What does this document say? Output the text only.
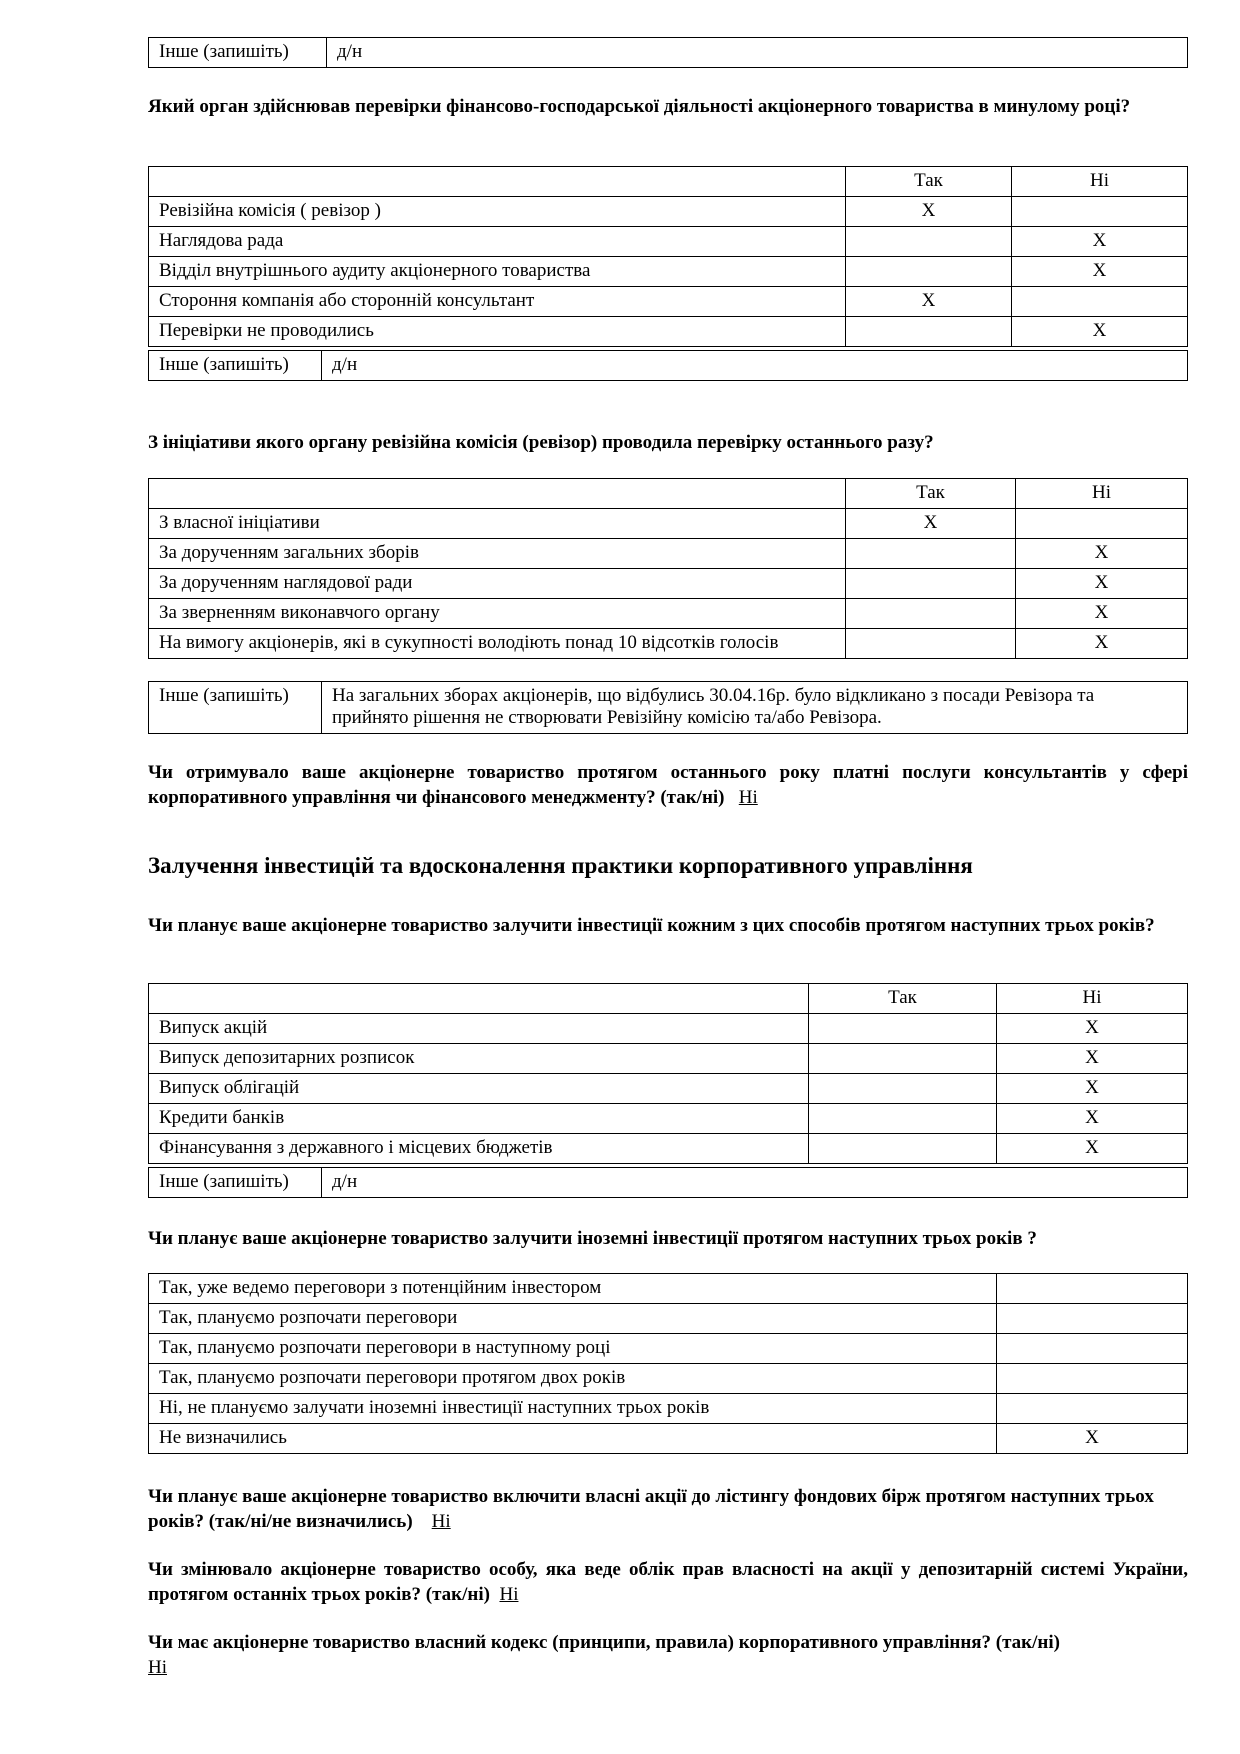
Інше (запишіть)	д/н
Який орган здійснював перевірки фінансово-господарської діяльності акціонерного товариства в минулому році?
	Так	Ні
Ревізійна комісія ( ревізор )	X	
Наглядова рада		X
Відділ внутрішнього аудиту акціонерного товариства		X
Стороння компанія або сторонній консультант	X	
Перевірки не проводились		X
Інше (запишіть)	д/н
З ініціативи якого органу ревізійна комісія (ревізор) проводила перевірку останнього разу?
	Так	Ні
З власної ініціативи	X	
За дорученням загальних зборів		X
За дорученням наглядової ради		X
За зверненням виконавчого органу		X
На вимогу акціонерів, які в сукупності володіють понад 10 відсотків голосів		X
Інше (запишіть)	На загальних зборах акціонерів, що відбулись 30.04.16р. було відкликано з посади Ревізора та прийнято рішення не створювати Ревізійну комісію та/або Ревізора.
Чи отримувало ваше акціонерне товариство протягом останнього року платні послуги консультантів у сфері корпоративного управління чи фінансового менеджменту? (так/ні) Ні
Залучення інвестицій та вдосконалення практики корпоративного управління
Чи планує ваше акціонерне товариство залучити інвестиції кожним з цих способів протягом наступних трьох років?
	Так	Ні
Випуск акцій		X
Випуск депозитарних розписок		X
Випуск облігацій		X
Кредити банків		X
Фінансування з державного і місцевих бюджетів		X
Інше (запишіть)	д/н
Чи планує ваше акціонерне товариство залучити іноземні інвестиції протягом наступних трьох років ?
Так, уже ведемо переговори з потенційним інвестором	
Так, плануємо розпочати переговори	
Так, плануємо розпочати переговори в наступному році	
Так, плануємо розпочати переговори протягом двох років	
Ні, не плануємо залучати іноземні інвестиції наступних трьох років	
Не визначились	X
Чи планує ваше акціонерне товариство включити власні акції до лістингу фондових бірж протягом наступних трьох років? (так/ні/не визначились) Ні
Чи змінювало акціонерне товариство особу, яка веде облік прав власності на акції у депозитарній системі України, протягом останніх трьох років? (так/ні) Ні
Чи має акціонерне товариство власний кодекс (принципи, правила) корпоративного управління? (так/ні)
Ні
